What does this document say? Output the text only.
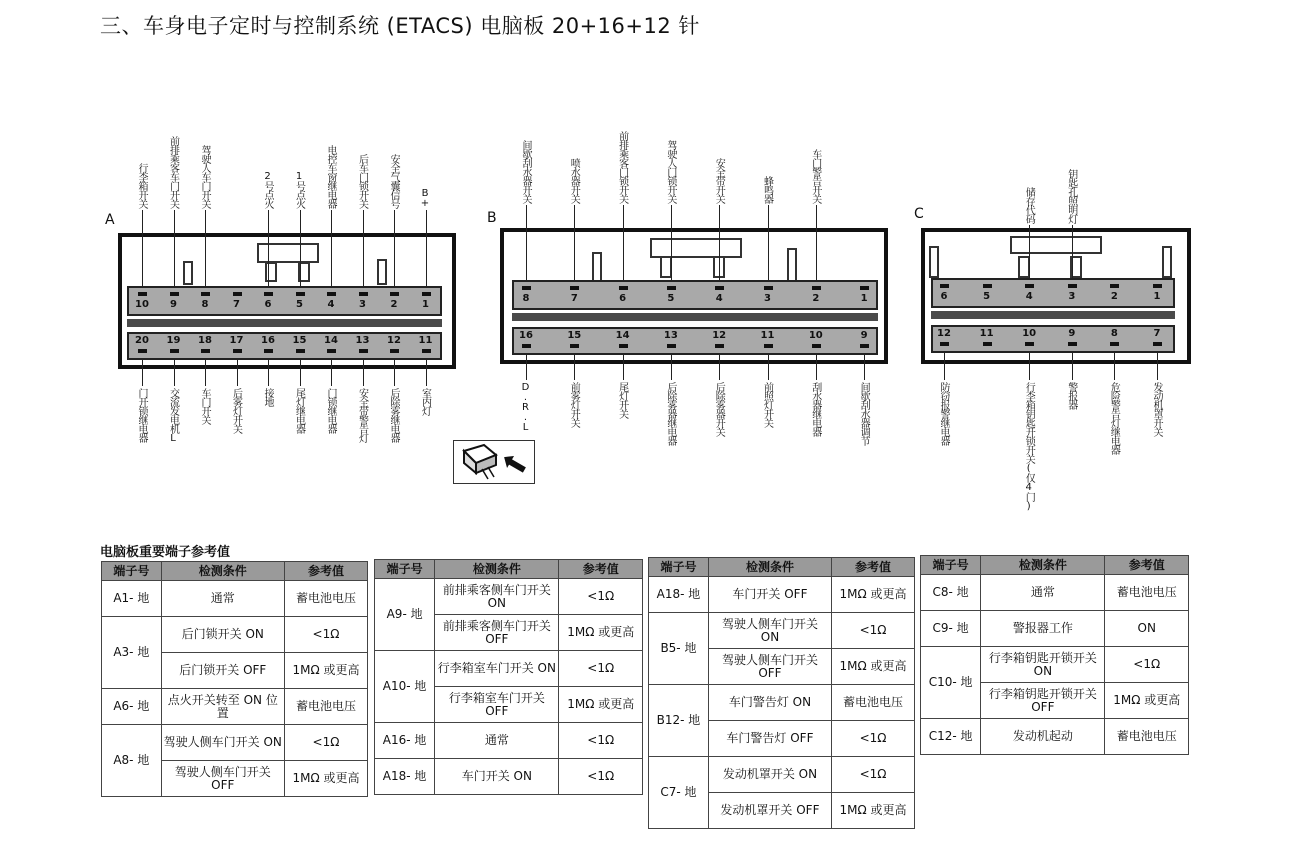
三、车身电子定时与控制系统 (ETACS) 电脑板 20+16+12 针
A
10
行李箱开关
9
前排乘客车门开关
8
驾驶人车门开关
7	6
2号点火
5
1号点火
4
电控车窗继电器
3
后车门锁开关
2
安全气囊信号
1
B+
20
门开锁继电器
19
交流发电机L
18
车门开关
17
后雾灯开关
16
接地
15
尾灯继电器
14
门锁继电器
13
安全带警告灯
12
后除雾继电器
11
室内灯
B
8
间歇刮水器开关
7
喷水器开关
6
前排乘客门锁开关
5
驾驶人门锁开关
4
安全带开关
3
蜂鸣器
2
车门警告开关
1
16
D.R.L
15
前雾灯开关
14
尾灯开关
13
后除雾器继电器
12
后除雾器开关
11
前照灯开关
10
刮水器继电器
9
间歇刮水器调节
C
6	5	4
储存代码
3
钥匙孔照明灯
2	1
12
防窃报警继电器
11	10
行李箱钥匙开锁开关(仅4门)
9
警报器
8
危险警告灯继电器
7
发动机罩开关
电脑板重要端子参考值
端子号	检测条件	参考值
A1- 地	通常	蓄电池电压
A3- 地	后门锁开关 ON	<1Ω
	后门锁开关 OFF	1MΩ 或更高
A6- 地	点火开关转至 ON 位置	蓄电池电压
A8- 地	驾驶人侧车门开关 ON	<1Ω
	驾驶人侧车门开关 OFF	1MΩ 或更高
端子号	检测条件	参考值
A9- 地	前排乘客侧车门开关 ON	<1Ω
	前排乘客侧车门开关 OFF	1MΩ 或更高
A10- 地	行李箱室车门开关 ON	<1Ω
	行李箱室车门开关 OFF	1MΩ 或更高
A16- 地	通常	<1Ω
A18- 地	车门开关 ON	<1Ω
端子号	检测条件	参考值
A18- 地	车门开关 OFF	1MΩ 或更高
B5- 地	驾驶人侧车门开关 ON	<1Ω
	驾驶人侧车门开关 OFF	1MΩ 或更高
B12- 地	车门警告灯 ON	蓄电池电压
	车门警告灯 OFF	<1Ω
C7- 地	发动机罩开关 ON	<1Ω
	发动机罩开关 OFF	1MΩ 或更高
端子号	检测条件	参考值
C8- 地	通常	蓄电池电压
C9- 地	警报器工作	ON
C10- 地	行李箱钥匙开锁开关 ON	<1Ω
	行李箱钥匙开锁开关 OFF	1MΩ 或更高
C12- 地	发动机起动	蓄电池电压
